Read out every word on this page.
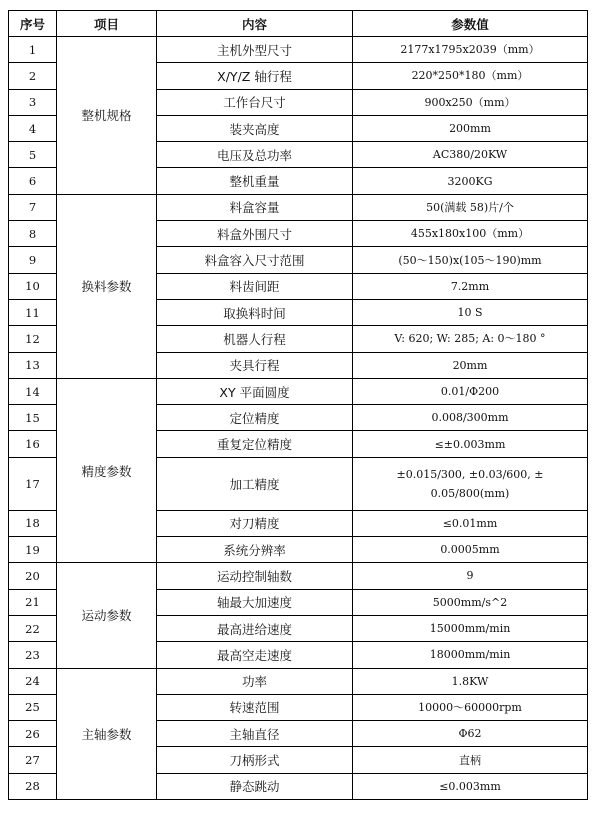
序号	项目	内容	参数值
1	整机规格	主机外型尺寸	2177x1795x2039（mm）
2		X/Y/Z 轴行程	220*250*180（mm）
3		工作台尺寸	900x250（mm）
4		装夹高度	200mm
5		电压及总功率	AC380/20KW
6		整机重量	3200KG
7	换料参数	料盒容量	50(满载 58)片/个
8		料盒外围尺寸	455x180x100（mm）
9		料盒容入尺寸范围	(50～150)x(105～190)mm
10		料齿间距	7.2mm
11		取换料时间	10 S
12		机器人行程	V: 620; W: 285; A: 0～180 °
13		夹具行程	20mm
14	精度参数	XY 平面圆度	0.01/Φ200
15		定位精度	0.008/300mm
16		重复定位精度	≤±0.003mm
17		加工精度	±0.015/300, ±0.03/600, ±
0.05/800(mm)

18		对刀精度	≤0.01mm
19		系统分辨率	0.0005mm
20	运动参数	运动控制轴数	9
21		轴最大加速度	5000mm/s^2
22		最高进给速度	15000mm/min
23		最高空走速度	18000mm/min
24	主轴参数	功率	1.8KW
25		转速范围	10000～60000rpm
26		主轴直径	Φ62
27		刀柄形式	直柄
28		静态跳动	≤0.003mm
